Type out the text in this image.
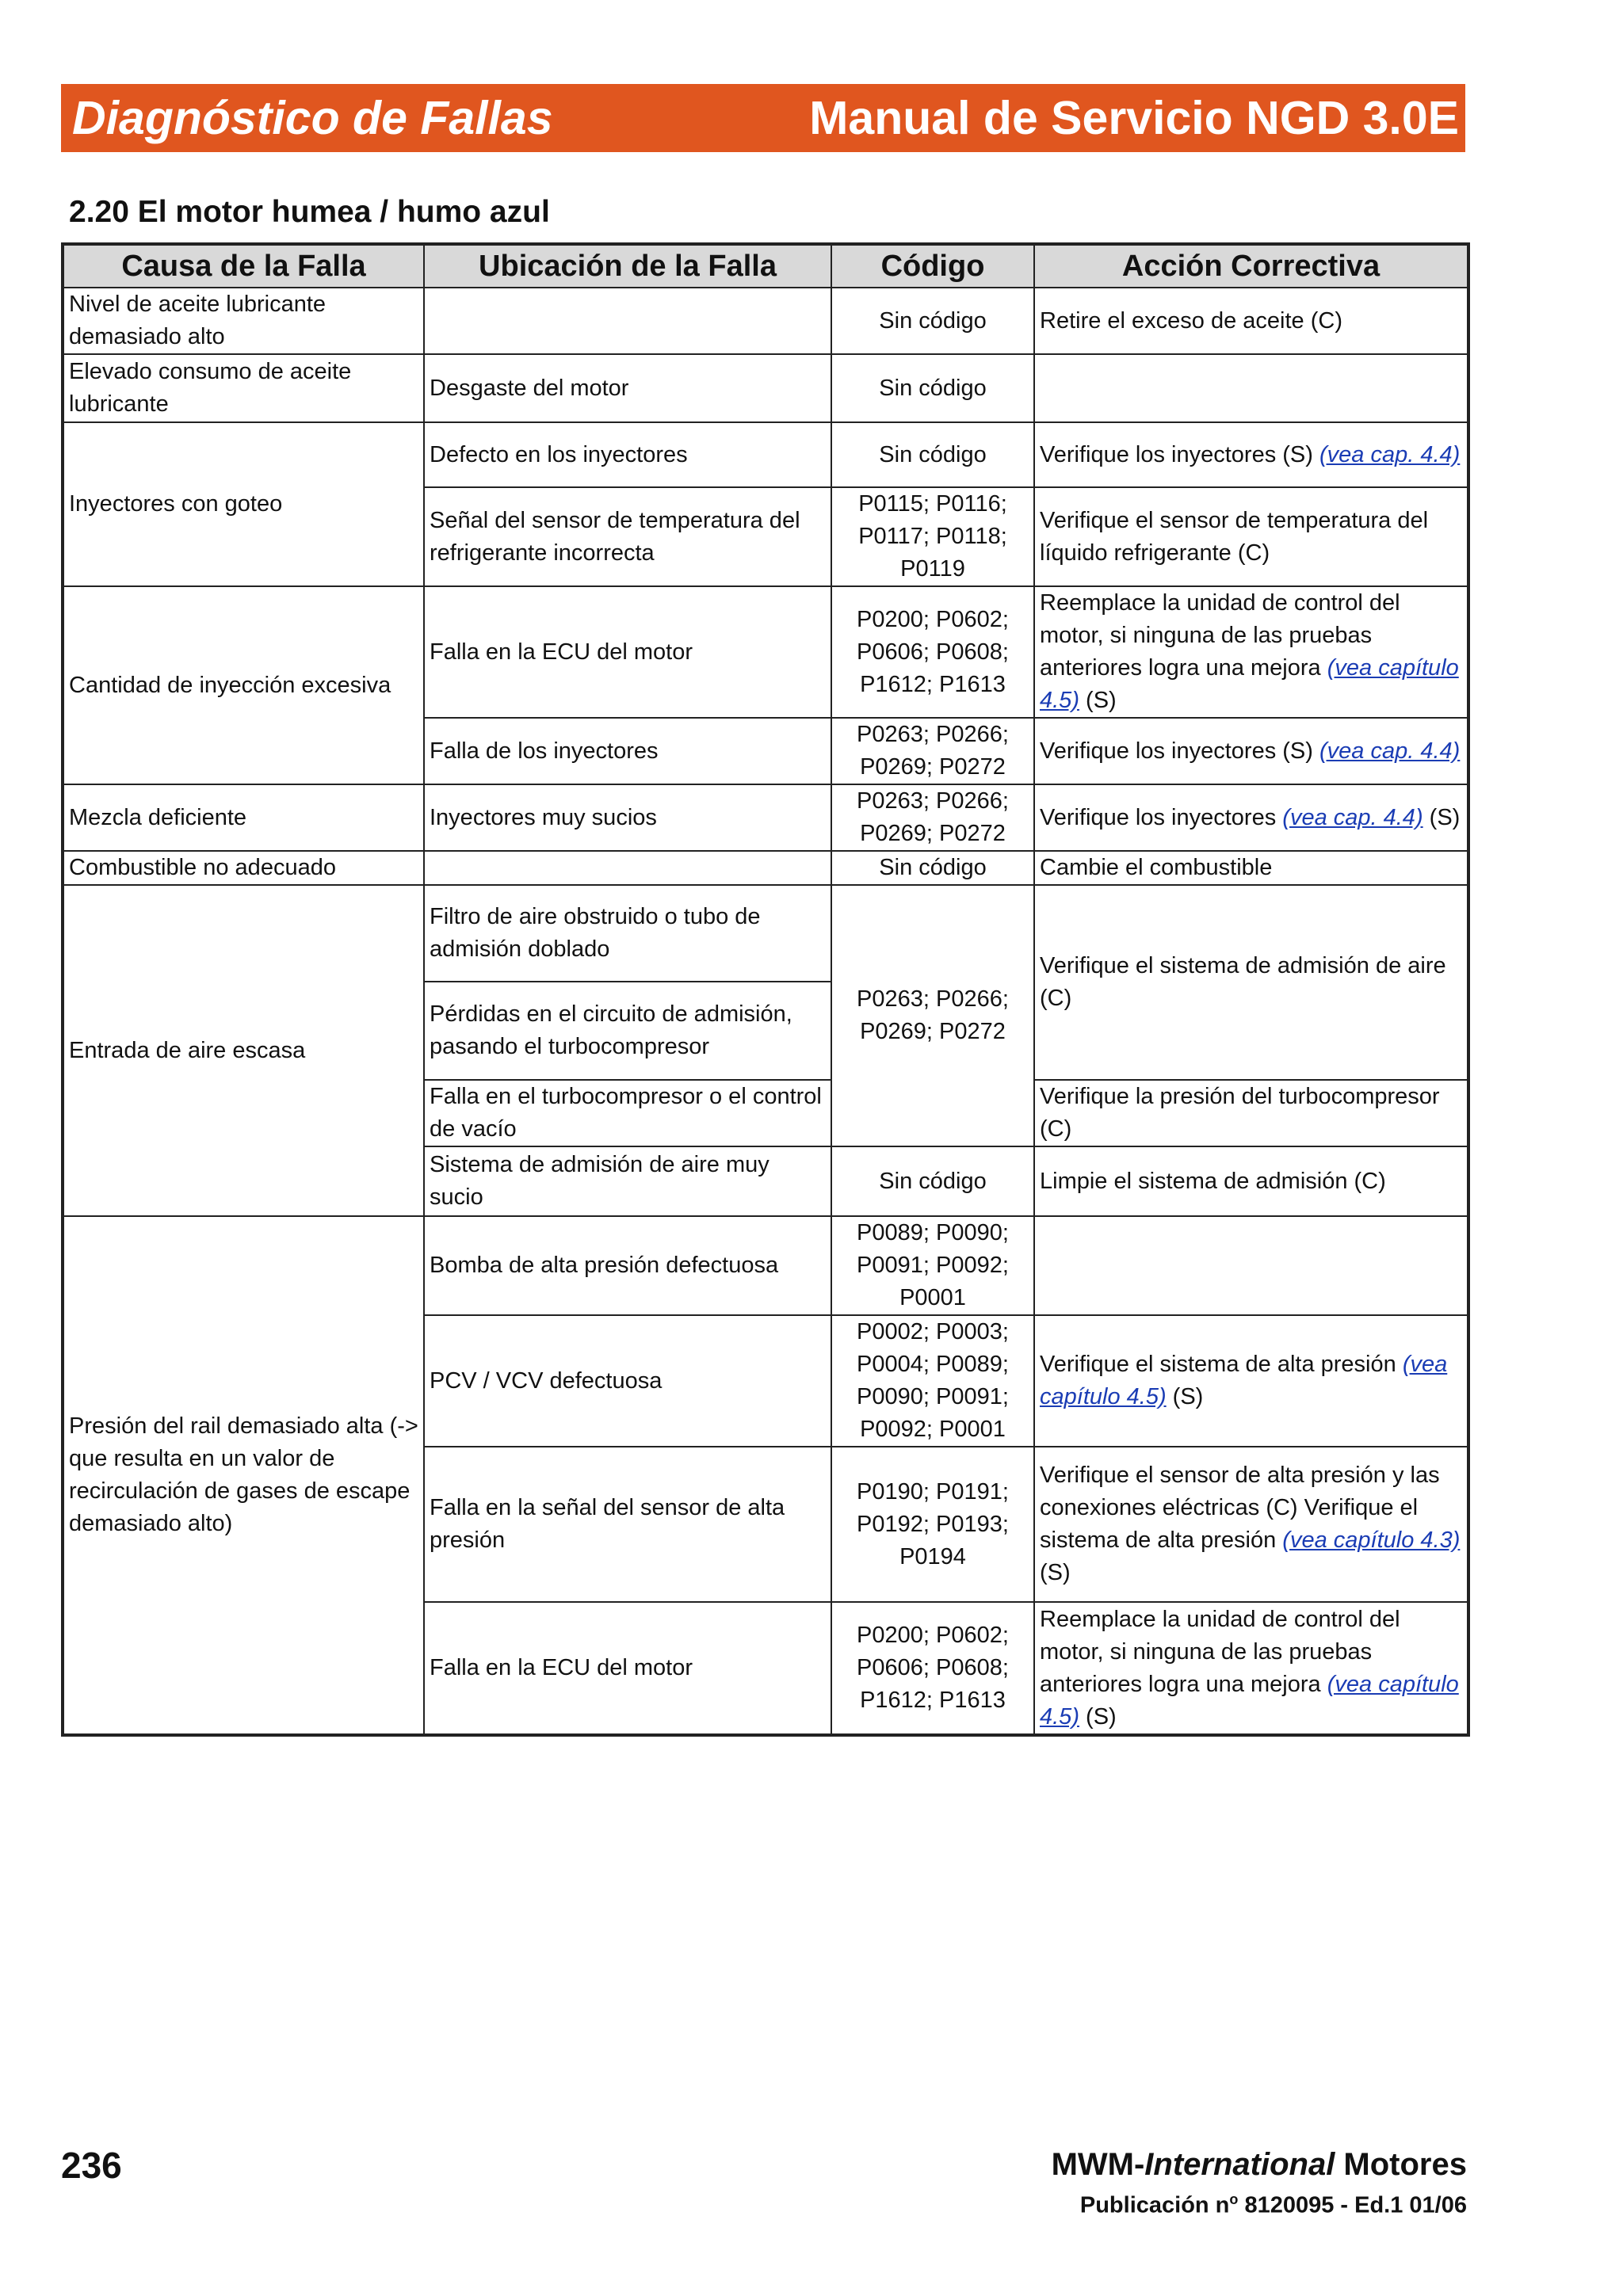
Diagnóstico de Fallas	Manual de Servicio NGD 3.0E
2.20 El motor humea / humo azul
Causa de la Falla	Ubicación de la Falla	Código	Acción Correctiva
Nivel de aceite lubricante demasiado alto		Sin código	Retire el exceso de aceite (C)
Elevado consumo de aceite lubricante	Desgaste del motor	Sin código	
Inyectores con goteo	Defecto en los inyectores	Sin código	Verifique los inyectores (S) (vea cap. 4.4)
	Señal del sensor de temperatura del refrigerante incorrecta	P0115; P0116; P0117; P0118; P0119	Verifique el sensor de temperatura del líquido refrigerante (C)
Cantidad de inyección excesiva	Falla en la ECU del motor	P0200; P0602; P0606; P0608; P1612; P1613	Reemplace la unidad de control del motor, si ninguna de las pruebas anteriores logra una mejora (vea capítulo 4.5) (S)
	Falla de los inyectores	P0263; P0266; P0269; P0272	Verifique los inyectores (S) (vea cap. 4.4)
Mezcla deficiente	Inyectores muy sucios	P0263; P0266; P0269; P0272	Verifique los inyectores (vea cap. 4.4) (S)
Combustible no adecuado		Sin código	Cambie el combustible
Entrada de aire escasa	Filtro de aire obstruido o tubo de admisión doblado	P0263; P0266; P0269; P0272	Verifique el sistema de admisión de aire (C)
	Pérdidas en el circuito de admisión, pasando el turbocompresor		
	Falla en el turbocompresor o el control de vacío		Verifique la presión del turbocompresor (C)
	Sistema de admisión de aire muy sucio	Sin código	Limpie el sistema de admisión (C)
Presión del rail demasiado alta (-> que resulta en un valor de recirculación de gases de escape demasiado alto)	Bomba de alta presión defectuosa	P0089; P0090; P0091; P0092; P0001	
	PCV / VCV defectuosa	P0002; P0003; P0004; P0089; P0090; P0091; P0092; P0001	Verifique el sistema de alta presión (vea capítulo 4.5) (S)
	Falla en la señal del sensor de alta presión	P0190; P0191; P0192; P0193; P0194	Verifique el sensor de alta presión y las conexiones eléctricas (C) Verifique el sistema de alta presión (vea capítulo 4.3) (S)
	Falla en la ECU del motor	P0200; P0602; P0606; P0608; P1612; P1613	Reemplace la unidad de control del motor, si ninguna de las pruebas anteriores logra una mejora (vea capítulo 4.5) (S)
236	MWM-International Motores
Publicación $n^o$ 8120095 - Ed.1 01/06
